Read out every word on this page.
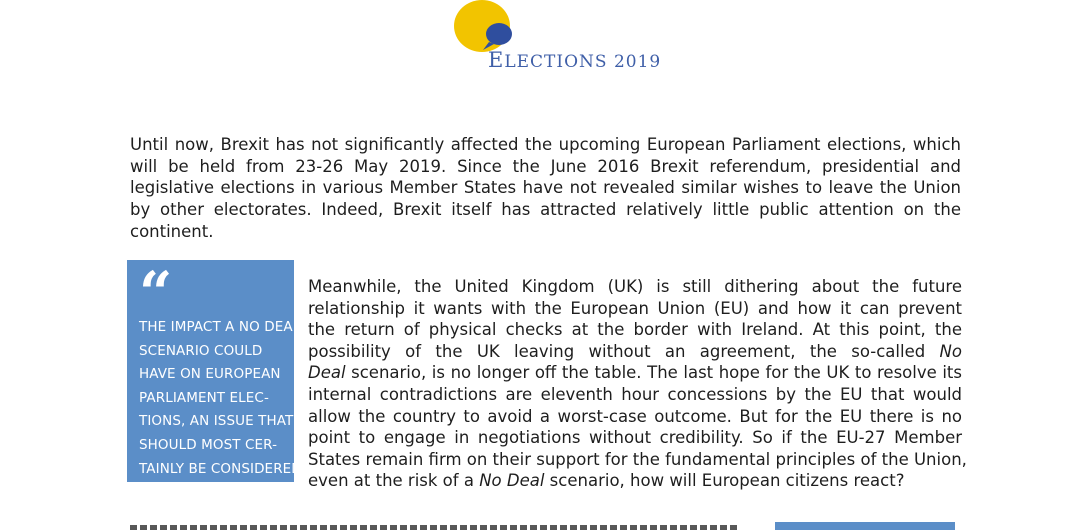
ELECTIONS 2019

Until now, Brexit has not significantly affected the upcoming European Parliament elections, which will be held from 23-26 May 2019. Since the June 2016 Brexit referendum, presidential and legislative elections in various Member States have not revealed similar wishes to leave the Union by other electorates. Indeed, Brexit itself has attracted relatively little public attention on the continent.

“
THE IMPACT A NO DEAL
SCENARIO COULD
HAVE ON EUROPEAN
PARLIAMENT ELEC-
TIONS, AN ISSUE THAT
SHOULD MOST CER-
TAINLY BE CONSIDERED
Meanwhile, the United Kingdom (UK) is still dithering about the future
relationship it wants with the European Union (EU) and how it can prevent
the return of physical checks at the border with Ireland. At this point, the
possibility of the UK leaving without an agreement, the so-called No
Deal scenario, is no longer off the table. The last hope for the UK to resolve its
internal contradictions are eleventh hour concessions by the EU that would
allow the country to avoid a worst-case outcome. But for the EU there is no
point to engage in negotiations without credibility. So if the EU-27 Member
States remain firm on their support for the fundamental principles of the Union,
even at the risk of a No Deal scenario, how will European citizens react?
